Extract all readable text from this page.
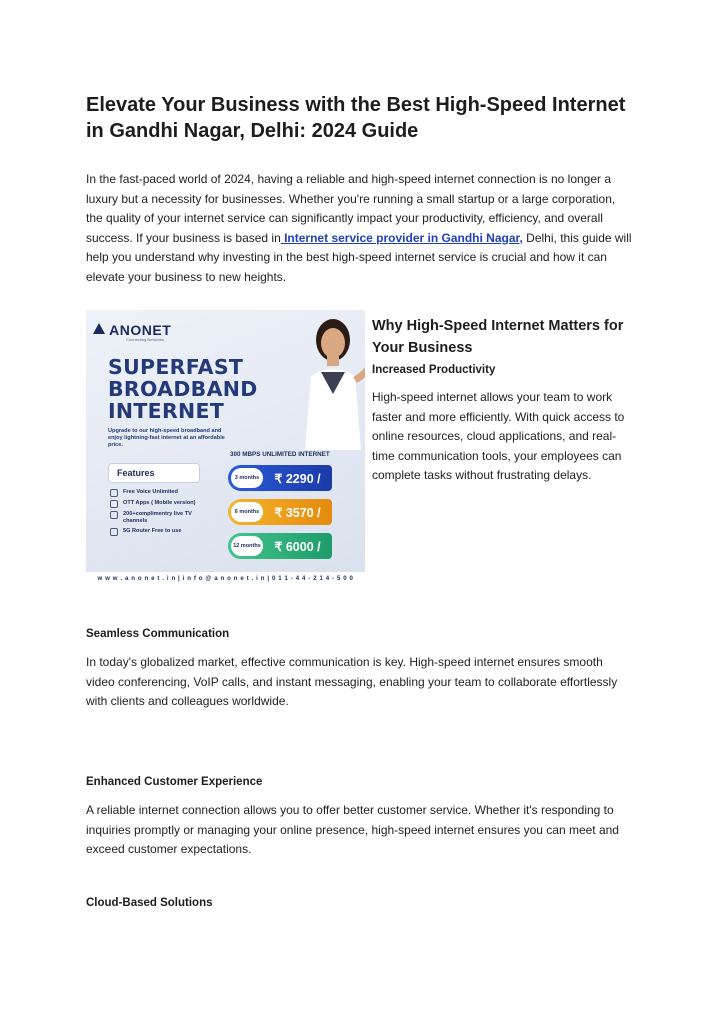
Elevate Your Business with the Best High-Speed Internet in Gandhi Nagar, Delhi: 2024 Guide
In the fast-paced world of 2024, having a reliable and high-speed internet connection is no longer a luxury but a necessity for businesses. Whether you're running a small startup or a large corporation, the quality of your internet service can significantly impact your productivity, efficiency, and overall success. If your business is based in Internet service provider in Gandhi Nagar, Delhi, this guide will help you understand why investing in the best high-speed internet service is crucial and how it can elevate your business to new heights.
ANONET
Connecting Networks
SUPERFAST
BROADBAND
INTERNET
Upgrade to our high-speed broadband and enjoy lightning-fast internet at an affordable price.
300 MBPS UNLIMITED INTERNET
Features
Free Voice Unlimited
OTT Apps ( Mobile version)
200+complimentry live TV channels
5G Router Free to use
3 months	₹ 2290 /
6 months	₹ 3570 /
12 months	₹ 6000 /
w w w . a n o n e t . i n | i n f o @ a n o n e t . i n | 0 1 1 - 4 4 - 2 1 4 - 5 0 0
Why High-Speed Internet Matters for Your Business
Increased Productivity
High-speed internet allows your team to work faster and more efficiently. With quick access to online resources, cloud applications, and real-time communication tools, your employees can complete tasks without frustrating delays.
Seamless Communication
In today's globalized market, effective communication is key. High-speed internet ensures smooth video conferencing, VoIP calls, and instant messaging, enabling your team to collaborate effortlessly with clients and colleagues worldwide.
Enhanced Customer Experience
A reliable internet connection allows you to offer better customer service. Whether it's responding to inquiries promptly or managing your online presence, high-speed internet ensures you can meet and exceed customer expectations.
Cloud-Based Solutions
